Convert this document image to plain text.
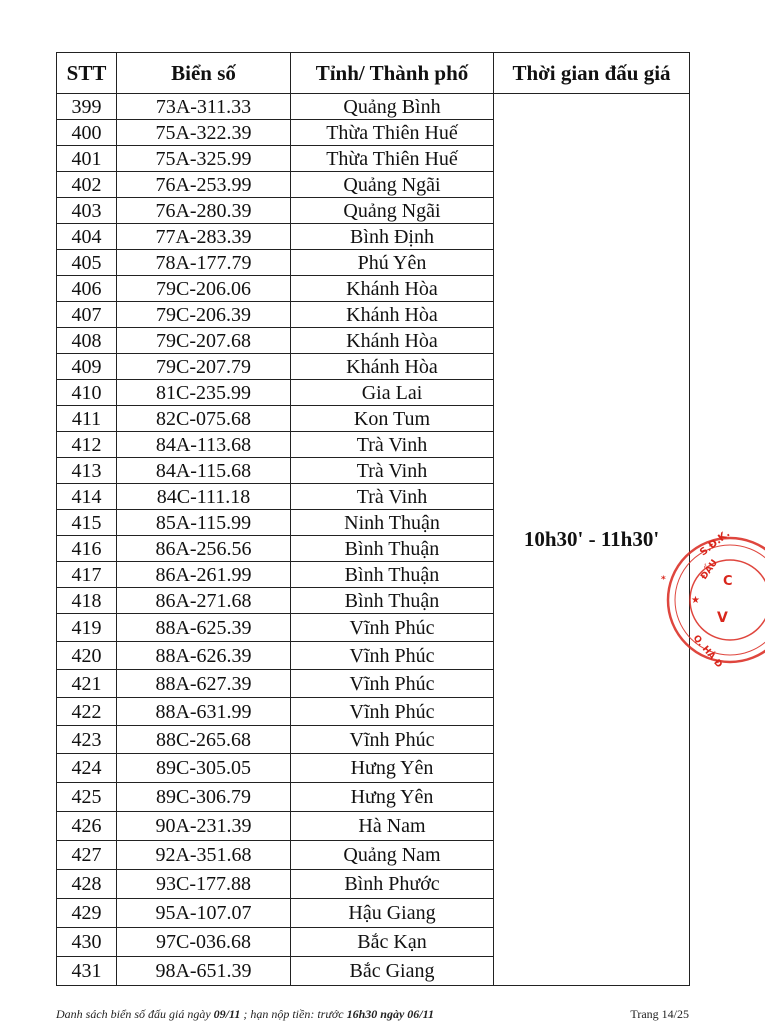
STT	Biển số	Tỉnh/ Thành phố	Thời gian đấu giá
399	73A-311.33	Quảng Bình	10h30' - 11h30'
400	75A-322.39	Thừa Thiên Huế	
401	75A-325.99	Thừa Thiên Huế	
402	76A-253.99	Quảng Ngãi	
403	76A-280.39	Quảng Ngãi	
404	77A-283.39	Bình Định	
405	78A-177.79	Phú Yên	
406	79C-206.06	Khánh Hòa	
407	79C-206.39	Khánh Hòa	
408	79C-207.68	Khánh Hòa	
409	79C-207.79	Khánh Hòa	
410	81C-235.99	Gia Lai	
411	82C-075.68	Kon Tum	
412	84A-113.68	Trà Vinh	
413	84A-115.68	Trà Vinh	
414	84C-111.18	Trà Vinh	
415	85A-115.99	Ninh Thuận	
416	86A-256.56	Bình Thuận	
417	86A-261.99	Bình Thuận	
418	86A-271.68	Bình Thuận	
419	88A-625.39	Vĩnh Phúc	
420	88A-626.39	Vĩnh Phúc	
421	88A-627.39	Vĩnh Phúc	
422	88A-631.99	Vĩnh Phúc	
423	88C-265.68	Vĩnh Phúc	
424	89C-305.05	Hưng Yên	
425	89C-306.79	Hưng Yên	
426	90A-231.39	Hà Nam	
427	92A-351.68	Quảng Nam	
428	93C-177.88	Bình Phước	
429	95A-107.07	Hậu Giang	
430	97C-036.68	Bắc Kạn	
431	98A-651.39	Bắc Giang	
Danh sách biển số đấu giá ngày 09/11 ; hạn nộp tiền: trước 16h30 ngày 06/11	Trang 14/25
S.Đ.K.
ĐẤU C
V
Q. HÀ Đ
★
*
